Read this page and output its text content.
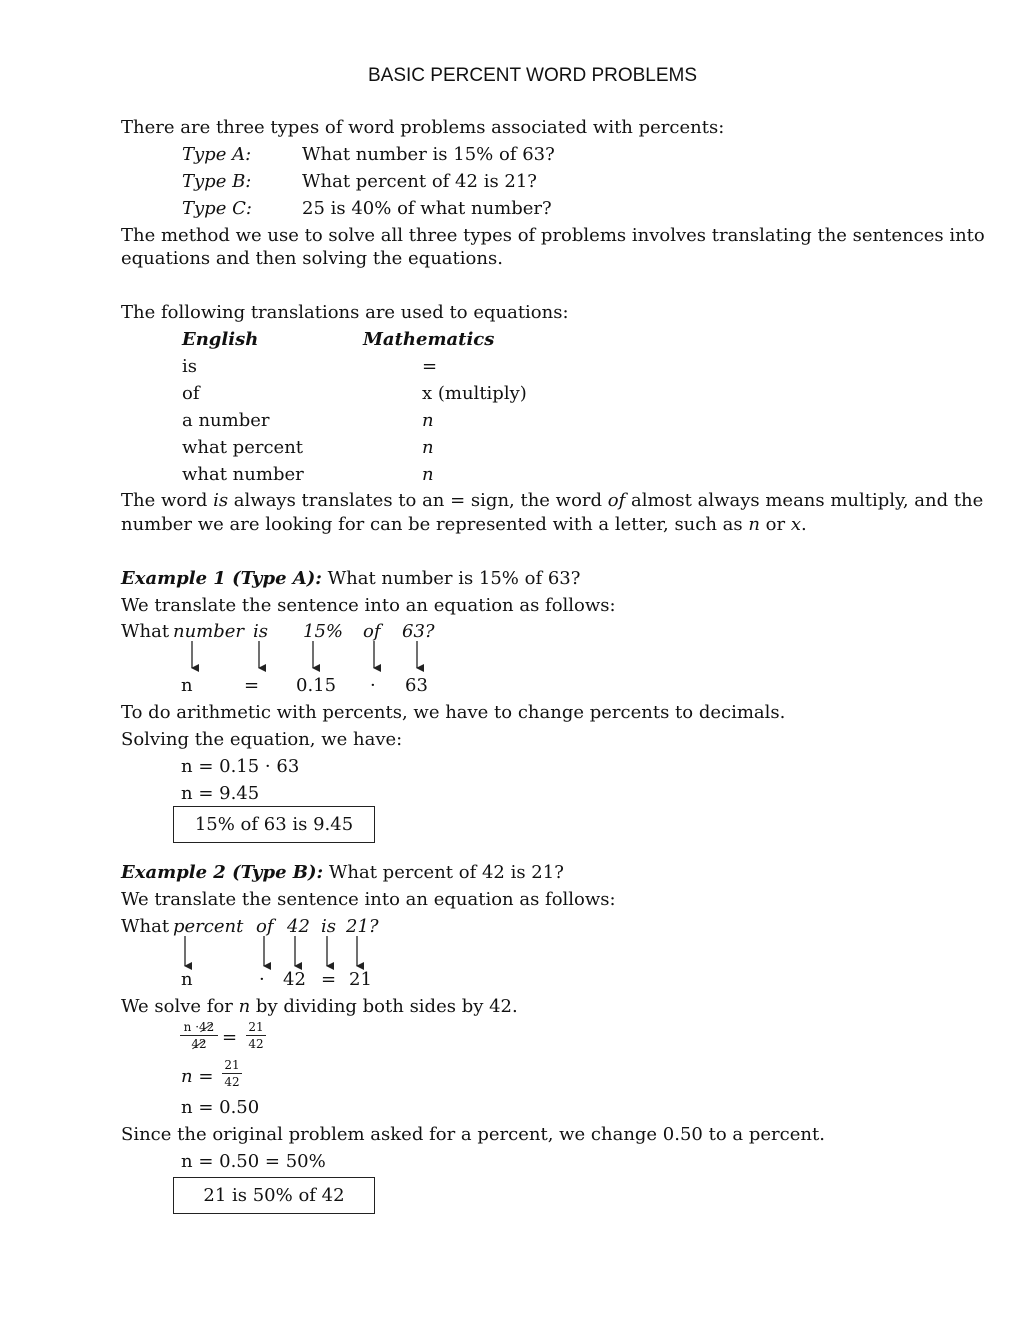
BASIC PERCENT WORD PROBLEMS
There are three types of word problems associated with percents:
Type A:	What number is 15% of 63?
Type B:	What percent of 42 is 21?
Type C:	25 is 40% of what number?
The method we use to solve all three types of problems involves translating the sentences into
equations and then solving the equations.
The following translations are used to equations:
English	Mathematics
is	=
of	x (multiply)
a number	n
what percent	n
what number	n
The word is always translates to an = sign, the word of almost always means multiply, and the
number we are looking for can be represented with a letter, such as n or x.
Example 1 (Type A): What number is 15% of 63?
We translate the sentence into an equation as follows:
What number is 15% of 63?
n	= 0.15 · 63
To do arithmetic with percents, we have to change percents to decimals.
Solving the equation, we have:
n = 0.15 · 63
n = 9.45
15% of 63 is 9.45
Example 2 (Type B): What percent of 42 is 21?
We translate the sentence into an equation as follows:
What percent of 42 is 21?
n	· 42 = 21
We solve for n by dividing both sides by 42.
$\frac{n \cdot 42}{42} = \frac{21}{42}$
$n = \frac{21}{42}$
n = 0.50
Since the original problem asked for a percent, we change 0.50 to a percent.
n = 0.50 = 50%
21 is 50% of 42
